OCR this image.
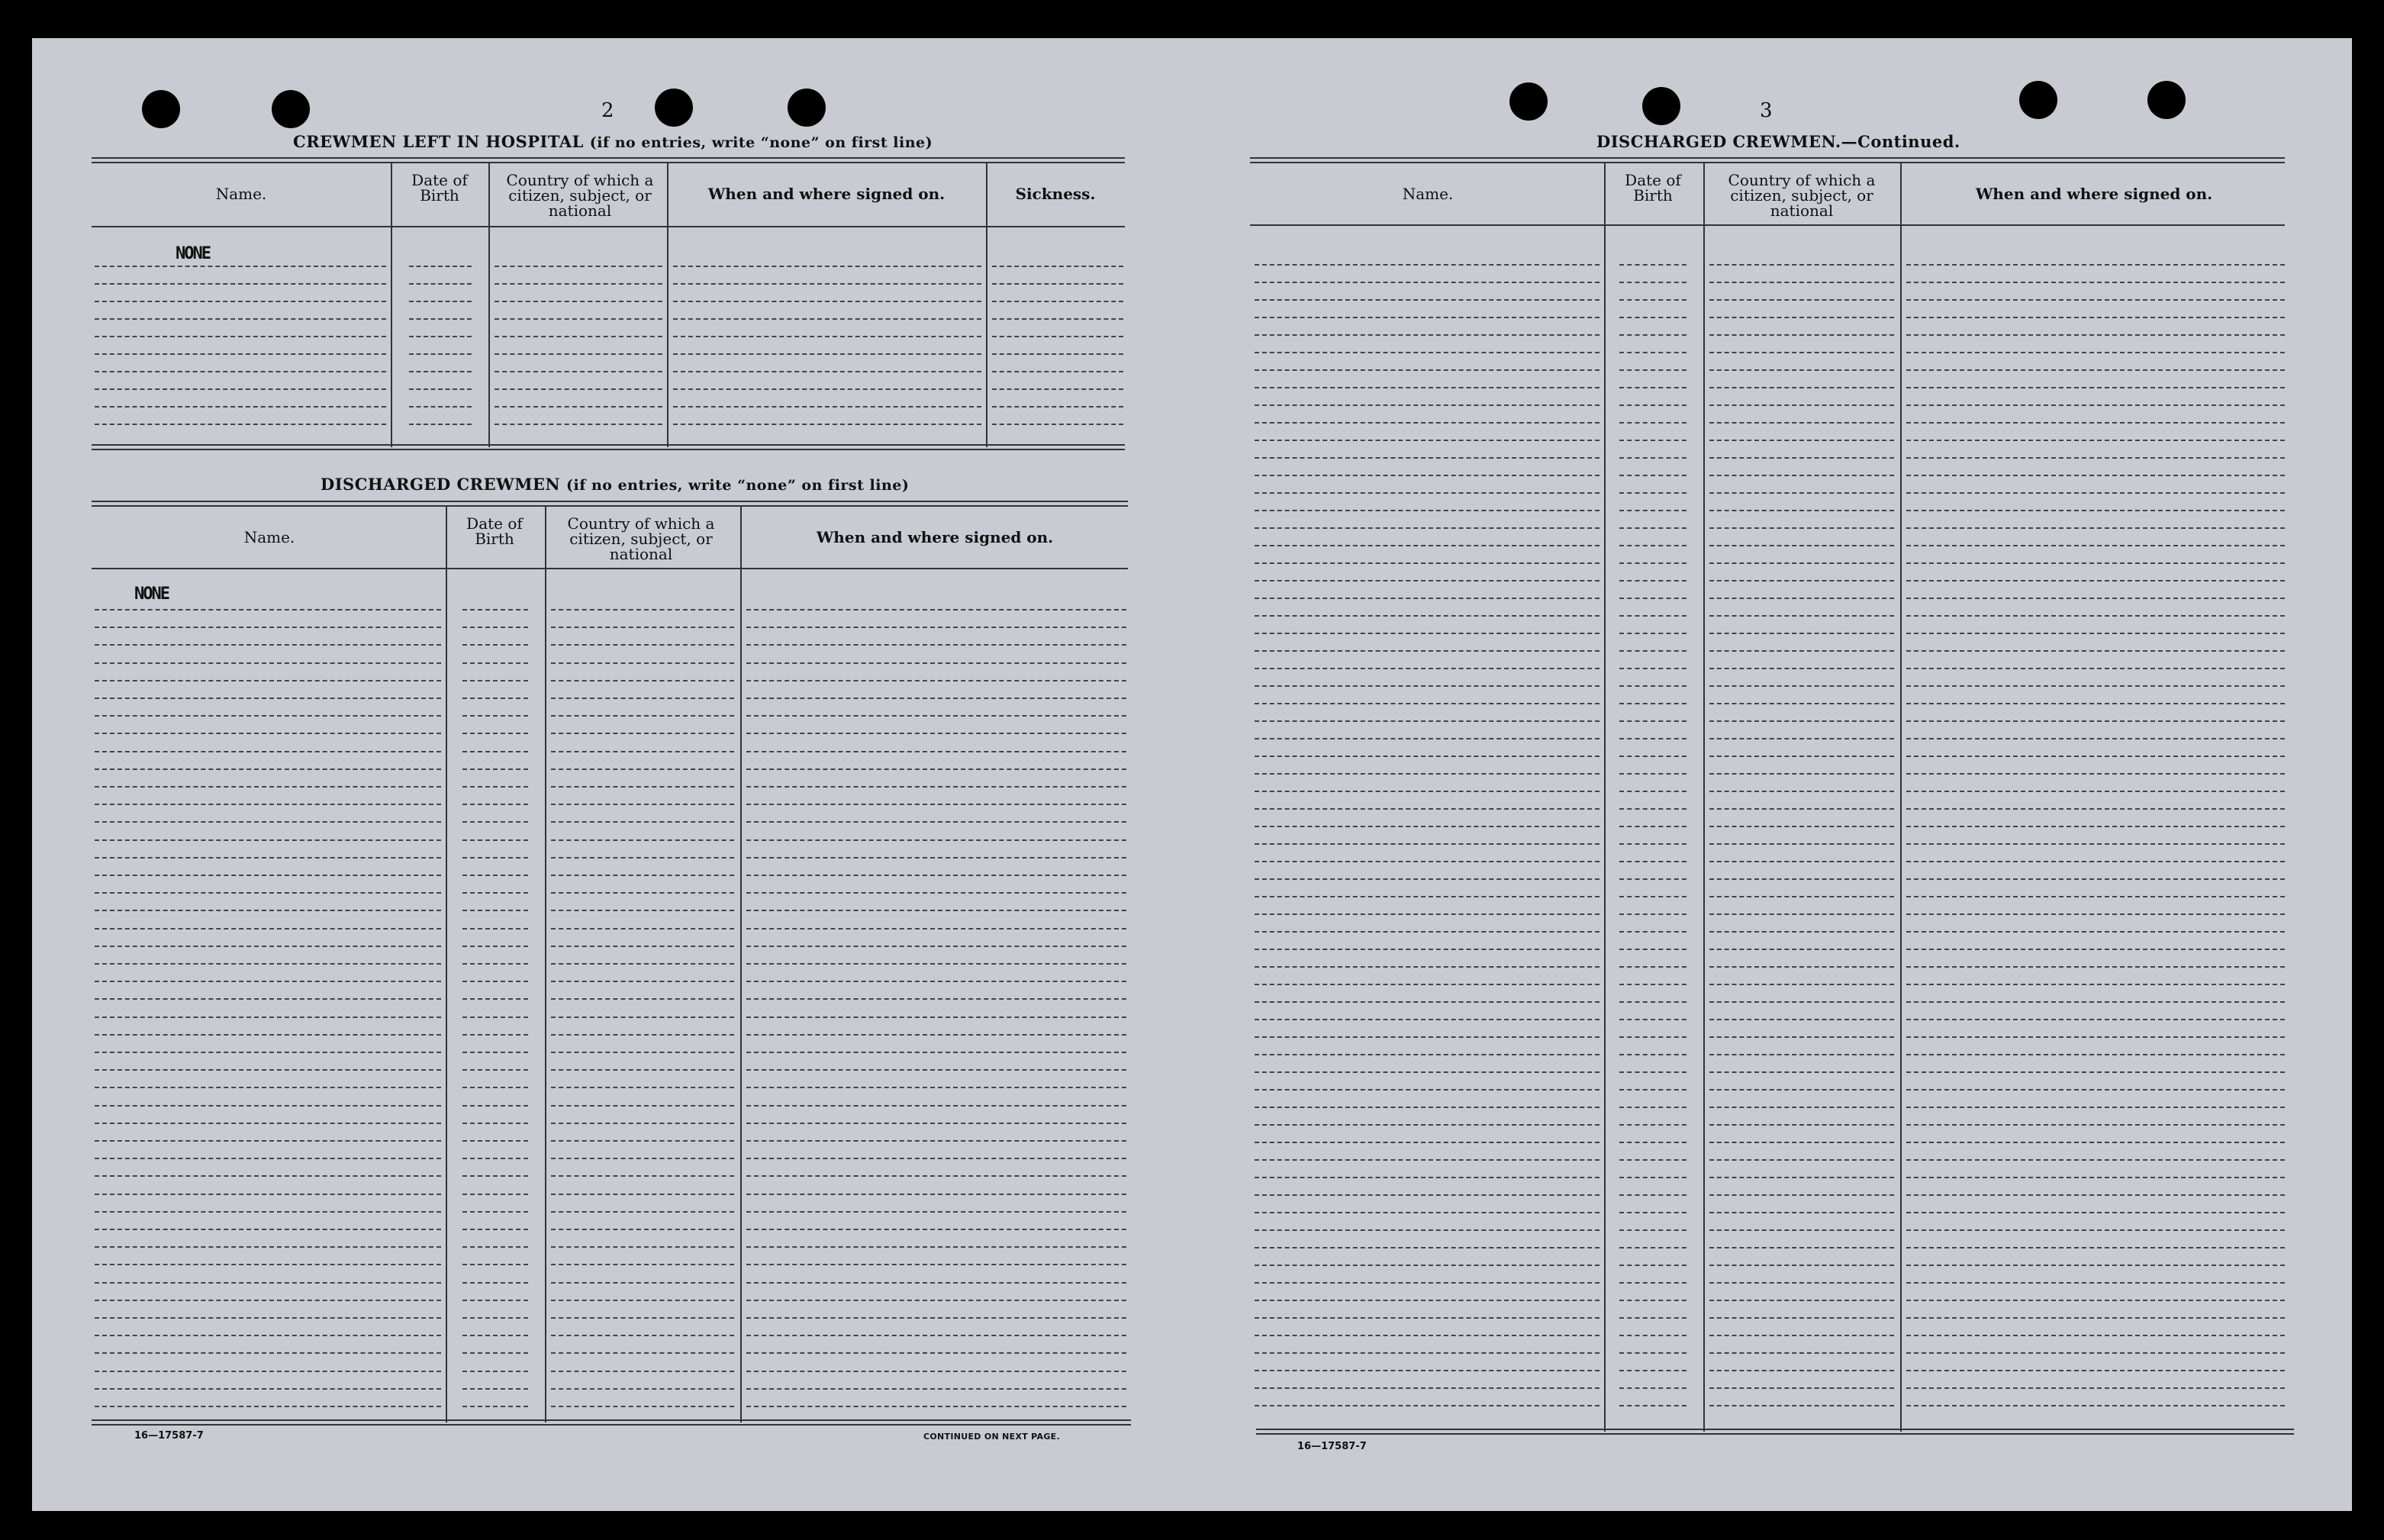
2
CREWMEN LEFT IN HOSPITAL (if no entries, write “none” on first line)
Name.
Date of Birth
Country of which a citizen, subject, or national
When and where signed on.	Sickness.
NONE
DISCHARGED CREWMEN (if no entries, write “none” on first line)
Name.
Date of Birth
Country of which a citizen, subject, or national
When and where signed on.
NONE
16—17587-7	CONTINUED ON NEXT PAGE.
3
DISCHARGED CREWMEN.—Continued.
Name.
Date of Birth
Country of which a citizen, subject, or national
When and where signed on.
16—17587-7
